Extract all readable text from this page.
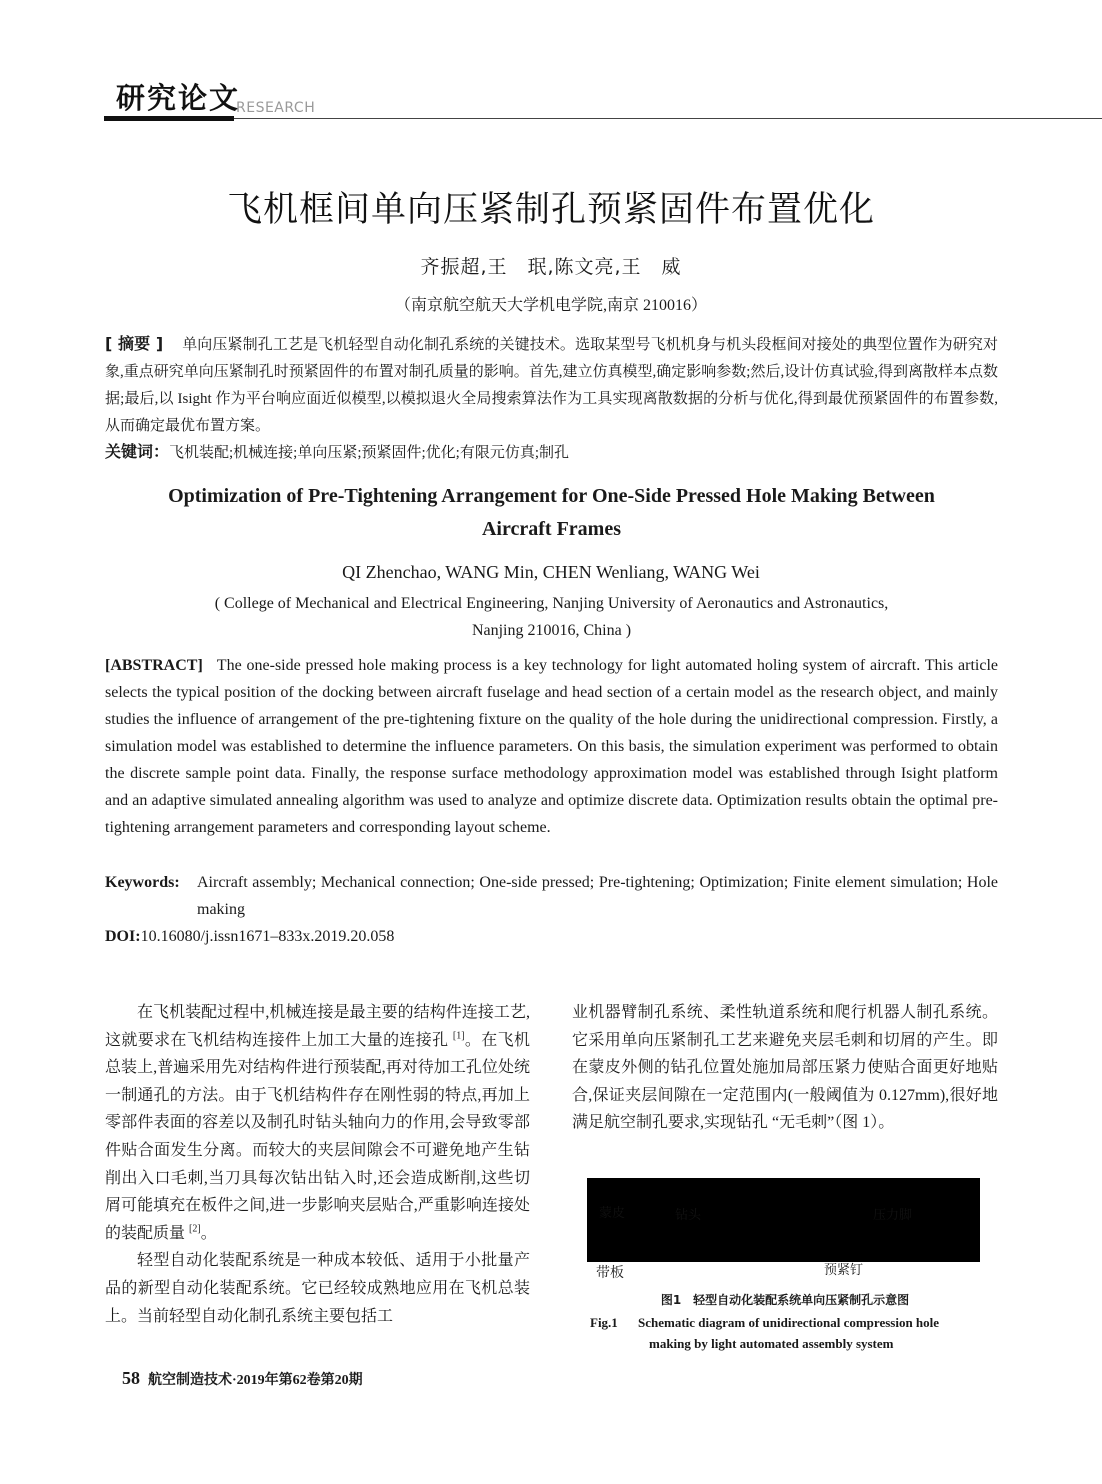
研究论文
RESEARCH
飞机框间单向压紧制孔预紧固件布置优化
齐振超,王　珉,陈文亮,王　威
（南京航空航天大学机电学院,南京 210016）
[ 摘要 ]   单向压紧制孔工艺是飞机轻型自动化制孔系统的关键技术。选取某型号飞机机身与机头段框间对接处的典型位置作为研究对象,重点研究单向压紧制孔时预紧固件的布置对制孔质量的影响。首先,建立仿真模型,确定影响参数;然后,设计仿真试验,得到离散样本点数据;最后,以 Isight 作为平台响应面近似模型,以模拟退火全局搜索算法作为工具实现离散数据的分析与优化,得到最优预紧固件的布置参数,从而确定最优布置方案。
关键词：飞机装配;机械连接;单向压紧;预紧固件;优化;有限元仿真;制孔
Optimization of Pre-Tightening Arrangement for One-Side Pressed Hole Making Between
Aircraft Frames
QI Zhenchao, WANG Min, CHEN Wenliang, WANG Wei
( College of Mechanical and Electrical Engineering, Nanjing University of Aeronautics and Astronautics,
Nanjing 210016, China )
[ABSTRACT] The one-side pressed hole making process is a key technology for light automated holing system of aircraft. This article selects the typical position of the docking between aircraft fuselage and head section of a certain model as the research object, and mainly studies the influence of arrangement of the pre-tightening fixture on the quality of the hole during the unidirectional compression. Firstly, a simulation model was established to determine the influence parameters. On this basis, the simulation experiment was performed to obtain the discrete sample point data. Finally, the response surface methodology approximation model was established through Isight platform and an adaptive simulated annealing algorithm was used to analyze and optimize discrete data. Optimization results obtain the optimal pre-tightening arrangement parameters and corresponding layout scheme.
Keywords: Aircraft assembly; Mechanical connection; One-side pressed; Pre-tightening; Optimization; Finite element simulation; Hole making
DOI:10.16080/j.issn1671–833x.2019.20.058

在飞机装配过程中,机械连接是最主要的结构件连接工艺,这就要求在飞机结构连接件上加工大量的连接孔 [1]。在飞机总装上,普遍采用先对结构件进行预装配,再对待加工孔位处统一制通孔的方法。由于飞机结构件存在刚性弱的特点,再加上零部件表面的容差以及制孔时钻头轴向力的作用,会导致零部件贴合面发生分离。而较大的夹层间隙会不可避免地产生钻削出入口毛刺,当刀具每次钻出钻入时,还会造成断削,这些切屑可能填充在板件之间,进一步影响夹层贴合,严重影响连接处的装配质量 [2]。

轻型自动化装配系统是一种成本较低、适用于小批量产品的新型自动化装配系统。它已经较成熟地应用在飞机总装上。当前轻型自动化制孔系统主要包括工

业机器臂制孔系统、柔性轨道系统和爬行机器人制孔系统。它采用单向压紧制孔工艺来避免夹层毛刺和切屑的产生。即在蒙皮外侧的钻孔位置处施加局部压紧力使贴合面更好地贴合,保证夹层间隙在一定范围内(一般阈值为 0.127mm),很好地满足航空制孔要求,实现钻孔 “无毛刺”（图 1）。

蒙皮	钻头	压力脚
带板	预紧钉
图1　轻型自动化装配系统单向压紧制孔示意图
Fig.1 Schematic diagram of unidirectional compression hole
making by light automated assembly system
58 航空制造技术·2019年第62卷第20期
